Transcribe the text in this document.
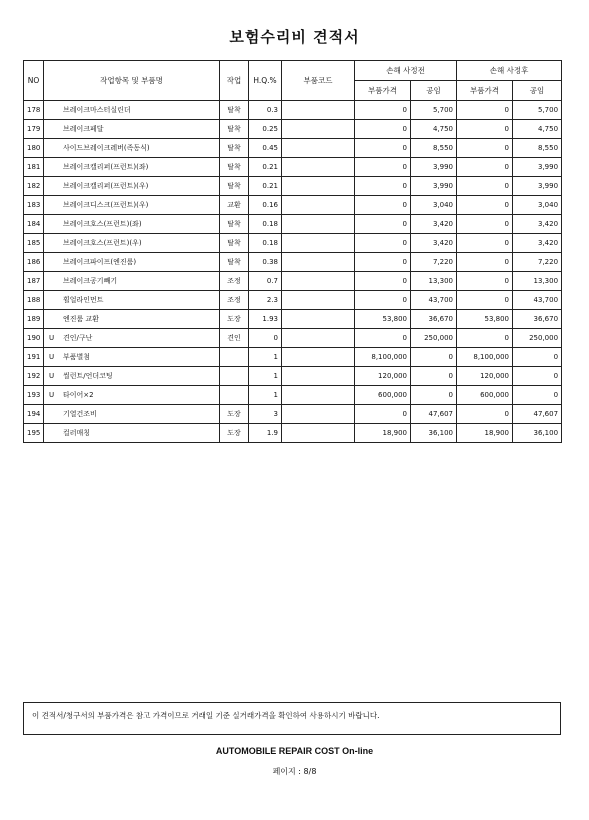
보험수리비 견적서
NO	작업항목 및 부품명	작업	H.Q.%	부품코드	손해 사정전		손해 사정후	
					부품가격	공임	부품가격	공임
178	브레이크마스터실린더	탈착	0.3		0	5,700	0	5,700
179	브레이크페달	탈착	0.25		0	4,750	0	4,750
180	사이드브레이크레버(족동식)	탈착	0.45		0	8,550	0	8,550
181	브레이크캘리퍼(프런트)(좌)	탈착	0.21		0	3,990	0	3,990
182	브레이크캘리퍼(프런트)(우)	탈착	0.21		0	3,990	0	3,990
183	브레이크디스크(프런트)(우)	교환	0.16		0	3,040	0	3,040
184	브레이크호스(프런트)(좌)	탈착	0.18		0	3,420	0	3,420
185	브레이크호스(프런트)(우)	탈착	0.18		0	3,420	0	3,420
186	브레이크파이프(엔진룸)	탈착	0.38		0	7,220	0	7,220
187	브레이크공기빼기	조정	0.7		0	13,300	0	13,300
188	휠얼라인먼트	조정	2.3		0	43,700	0	43,700
189	엔진룸 교환	도장	1.93		53,800	36,670	53,800	36,670
190	U 견인/구난	견인	0		0	250,000	0	250,000
191	U 부품별첨		1		8,100,000	0	8,100,000	0
192	U 씰런트/언더코팅		1		120,000	0	120,000	0
193	U 타이어×2		1		600,000	0	600,000	0
194	기열건조비	도장	3		0	47,607	0	47,607
195	컬러매칭	도장	1.9		18,900	36,100	18,900	36,100
이 견적서/청구서의 부품가격은 참고 가격이므로 거래일 기준 실거래가격을 확인하여 사용하시기 바랍니다.
AUTOMOBILE REPAIR COST On-line
페이지 : 8/8
